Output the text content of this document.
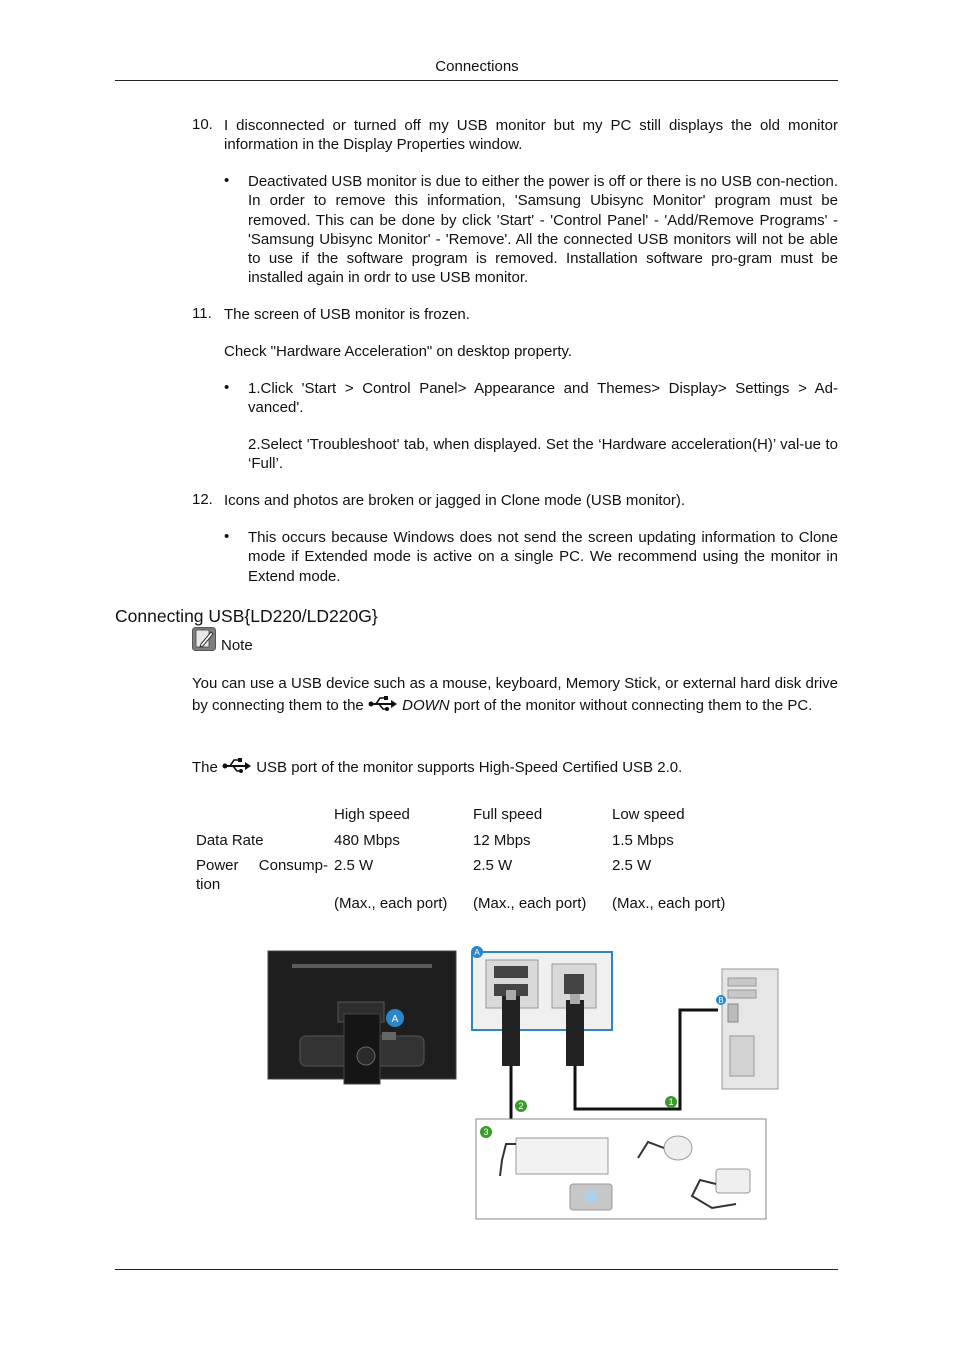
Connections
10. I disconnected or turned off my USB monitor but my PC still displays the old monitor information in the Display Properties window.
•	Deactivated USB monitor is due to either the power is off or there is no USB con-nection. In order to remove this information, 'Samsung Ubisync Monitor' program must be removed. This can be done by click 'Start' - 'Control Panel' - 'Add/Remove Programs' - 'Samsung Ubisync Monitor' - 'Remove'. All the connected USB monitors will not be able to use if the software program is removed. Installation software pro-gram must be installed again in ordr to use USB monitor.
11. The screen of USB monitor is frozen.
Check "Hardware Acceleration" on desktop property.
•	1.Click 'Start > Control Panel> Appearance and Themes> Display> Settings > Ad-vanced'.
2.Select 'Troubleshoot' tab, when displayed. Set the ‘Hardware acceleration(H)’ val-ue to ‘Full’.
12. Icons and photos are broken or jagged in Clone mode (USB monitor).
•	This occurs because Windows does not send the screen updating information to Clone mode if Extended mode is active on a single PC. We recommend using the monitor in Extend mode.
Connecting USB{LD220/LD220G}
Note
You can use a USB device such as a mouse, keyboard, Memory Stick, or external hard disk drive by connecting them to the	DOWN port of the monitor without connecting them to the PC.
The	USB port of the monitor supports High-Speed Certified USB 2.0.
	High speed	Full speed	Low speed
Data Rate	480 Mbps	12 Mbps	1.5 Mbps
Power Consump-tion	2.5 W	2.5 W	2.5 W
	(Max., each port)	(Max., each port)	(Max., each port)
A
A
B
1
2
3
